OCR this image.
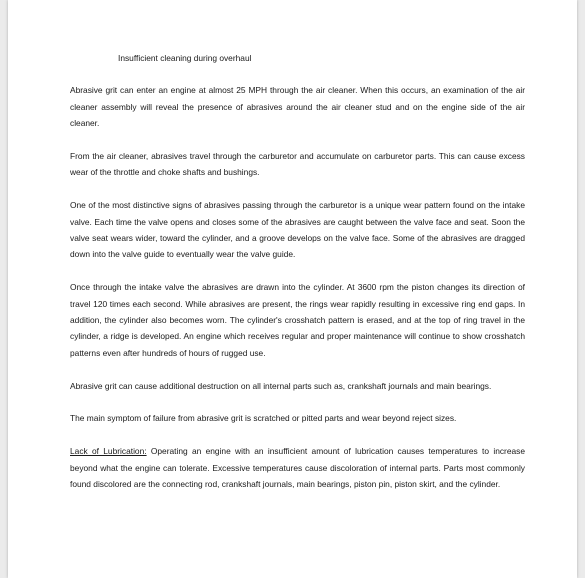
Insufficient cleaning during overhaul

Abrasive grit can enter an engine at almost 25 MPH through the air cleaner. When this occurs, an examination of the air cleaner assembly will reveal the presence of abrasives around the air cleaner stud and on the engine side of the air cleaner.

From the air cleaner, abrasives travel through the carburetor and accumulate on carburetor parts. This can cause excess wear of the throttle and choke shafts and bushings.

One of the most distinctive signs of abrasives passing through the carburetor is a unique wear pattern found on the intake valve. Each time the valve opens and closes some of the abrasives are caught between the valve face and seat. Soon the valve seat wears wider, toward the cylinder, and a groove develops on the valve face. Some of the abrasives are dragged down into the valve guide to eventually wear the valve guide.

Once through the intake valve the abrasives are drawn into the cylinder. At 3600 rpm the piston changes its direction of travel 120 times each second. While abrasives are present, the rings wear rapidly resulting in excessive ring end gaps. In addition, the cylinder also becomes worn. The cylinder's crosshatch pattern is erased, and at the top of ring travel in the cylinder, a ridge is developed. An engine which receives regular and proper maintenance will continue to show crosshatch patterns even after hundreds of hours of rugged use.

Abrasive grit can cause additional destruction on all internal parts such as, crankshaft journals and main bearings.

The main symptom of failure from abrasive grit is scratched or pitted parts and wear beyond reject sizes.

Lack of Lubrication: Operating an engine with an insufficient amount of lubrication causes temperatures to increase beyond what the engine can tolerate. Excessive temperatures cause discoloration of internal parts. Parts most commonly found discolored are the connecting rod, crankshaft journals, main bearings, piston pin, piston skirt, and the cylinder.
